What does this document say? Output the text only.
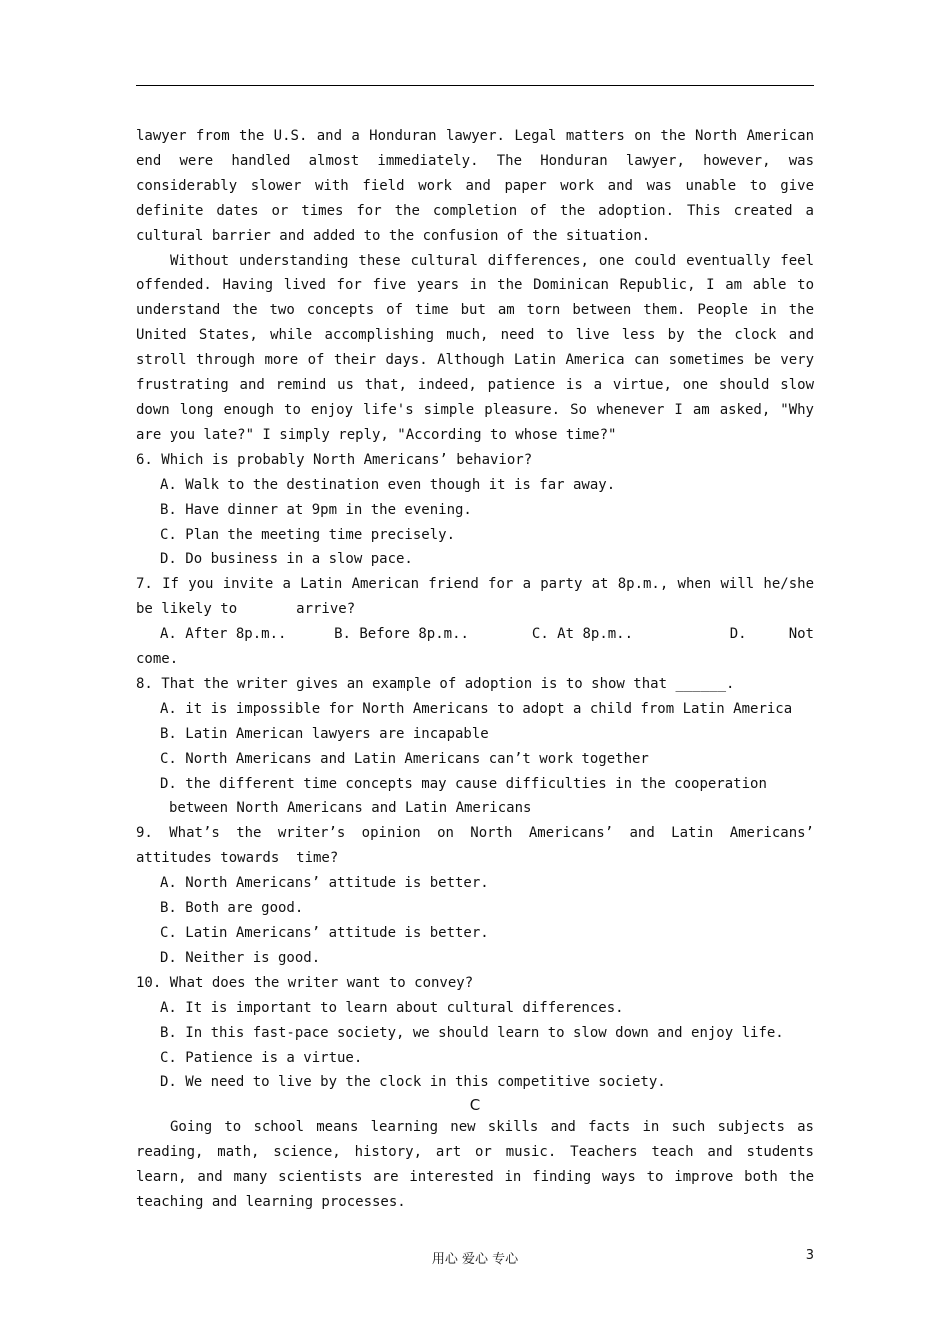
lawyer from the U.S. and a Honduran lawyer. Legal matters on the North American end were handled almost immediately. The Honduran lawyer, however, was considerably slower with field work and paper work and was unable to give definite dates or times for the completion of the adoption. This created a cultural barrier and added to the confusion of the situation.

Without understanding these cultural differences, one could eventually feel offended. Having lived for five years in the Dominican Republic, I am able to understand the two concepts of time but am torn between them. People in the United States, while accomplishing much, need to live less by the clock and stroll through more of their days. Although Latin America can sometimes be very frustrating and remind us that, indeed, patience is a virtue, one should slow down long enough to enjoy life's simple pleasure. So whenever I am asked, "Why are you late?" I simply reply, "According to whose time?"

6. Which is probably North Americans’ behavior?

A. Walk to the destination even though it is far away.

B. Have dinner at 9pm in the evening.

C. Plan the meeting time precisely.

D. Do business in a slow pace.

7. If you invite a Latin American friend for a party at 8p.m., when will he/she

be likely to       arrive?

A. After 8p.m..	B. Before 8p.m..	C. At 8p.m..	D.     Not

come.

8. That the writer gives an example of adoption is to show that ______.

A. it is impossible for North Americans to adopt a child from Latin America

B. Latin American lawyers are incapable

C. North Americans and Latin Americans can’t work together

D. the different time concepts may cause difficulties in the cooperation

between North Americans and Latin Americans

9. What’s the writer’s opinion on North Americans’ and Latin Americans’ attitudes towards  time?

A. North Americans’ attitude is better.

B. Both are good.

C. Latin Americans’ attitude is better.

D. Neither is good.

10. What does the writer want to convey?

A. It is important to learn about cultural differences.

B. In this fast-pace society, we should learn to slow down and enjoy life.

C. Patience is a virtue.

D. We need to live by the clock in this competitive society.

C

Going to school means learning new skills and facts in such subjects as reading, math, science, history, art or music. Teachers teach and students learn, and many scientists are interested in finding ways to improve both the teaching and learning processes.

用心 爱心 专心	3
